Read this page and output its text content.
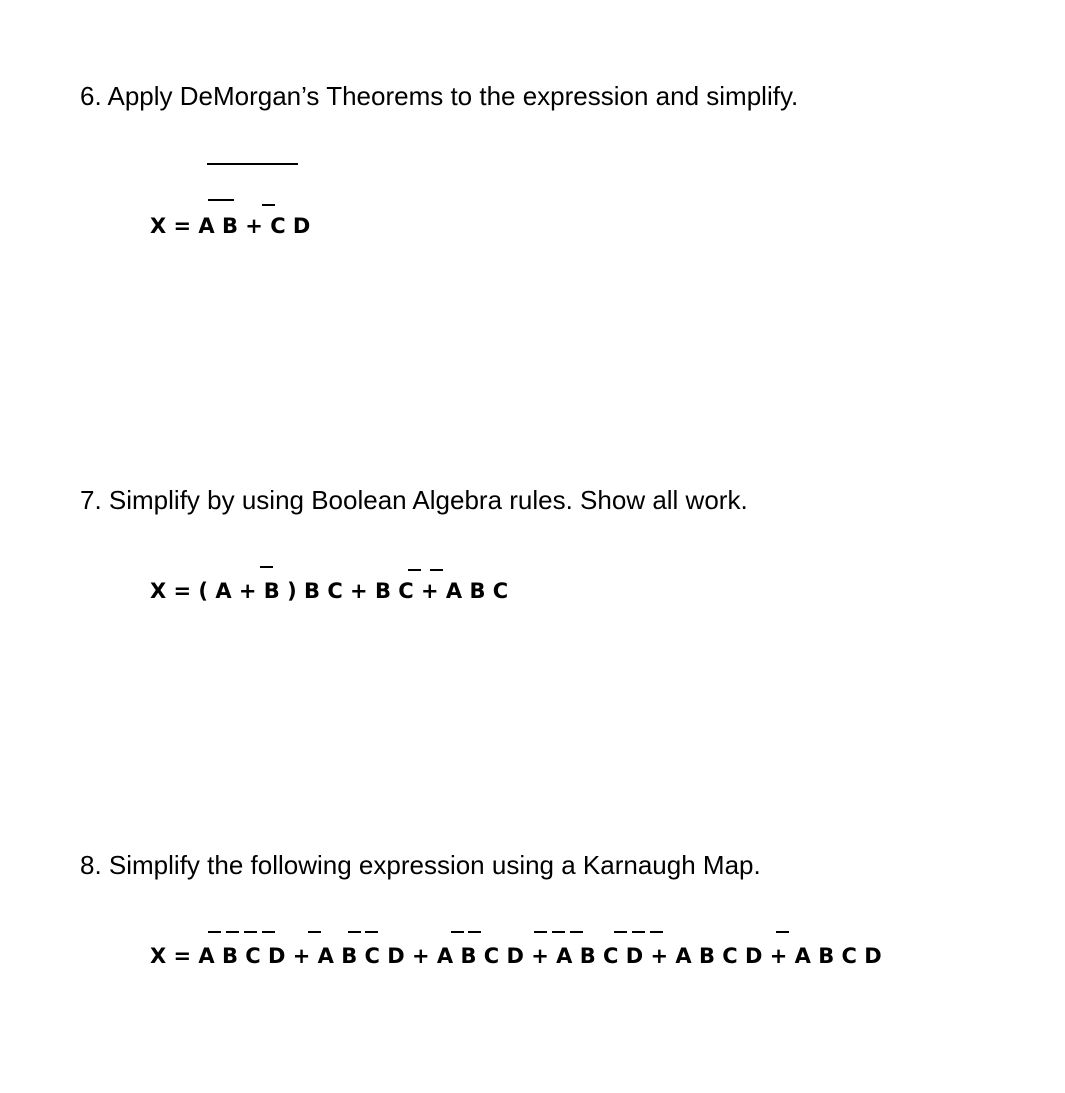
6. Apply DeMorgan’s Theorems to the expression and simplify.
X = A B + C D
7. Simplify by using Boolean Algebra rules. Show all work.
X = ( A + B ) B C + B C + A B C
8. Simplify the following expression using a Karnaugh Map.
X = A B C D + A B C D + A B C D + A B C D + A B C D + A B C D
